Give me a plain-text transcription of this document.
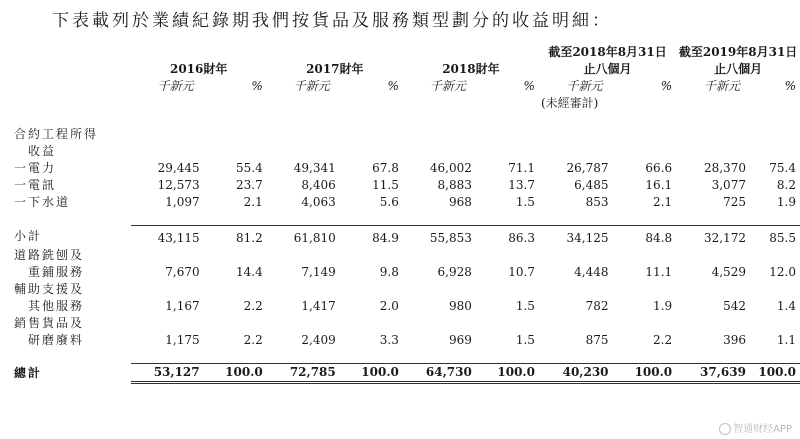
下表載列於業績紀錄期我們按貨品及服務類型劃分的收益明細：
							截至2018年8月31日		截至2019年8月31日	
	2016財年		2017財年		2018財年		止八個月		止八個月	
	千新元	%	千新元	%	千新元	%	千新元	%	千新元	%
							(未經審計)			

合約工程所得										
收益										
一電力	29,445	55.4	49,341	67.8	46,002	71.1	26,787	66.6	28,370	75.4
一電訊	12,573	23.7	8,406	11.5	8,883	13.7	6,485	16.1	3,077	8.2
一下水道	1,097	2.1	4,063	5.6	968	1.5	853	2.1	725	1.9

小計	43,115	81.2	61,810	84.9	55,853	86.3	34,125	84.8	32,172	85.5
道路銑刨及										
重鋪服務	7,670	14.4	7,149	9.8	6,928	10.7	4,448	11.1	4,529	12.0
輔助支援及										
其他服務	1,167	2.2	1,417	2.0	980	1.5	782	1.9	542	1.4
銷售貨品及										
研磨廢料	1,175	2.2	2,409	3.3	969	1.5	875	2.2	396	1.1

總計	53,127	100.0	72,785	100.0	64,730	100.0	40,230	100.0	37,639	100.0
智通财经APP
